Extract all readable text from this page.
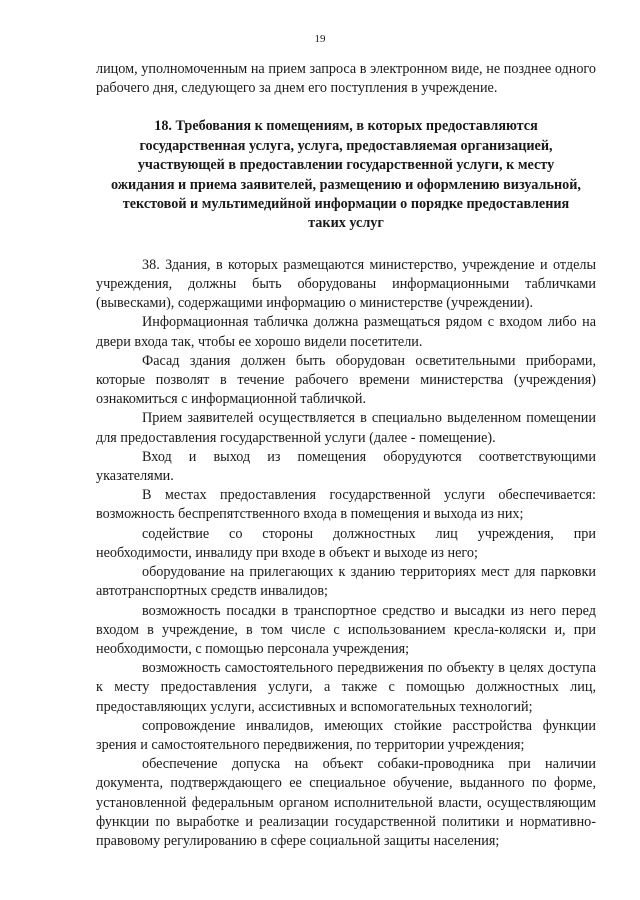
19

лицом, уполномоченным на прием запроса в электронном виде, не позднее одного рабочего дня, следующего за днем его поступления в учреждение.

18. Требования к помещениям, в которых предоставляются государственная услуга, услуга, предоставляемая организацией, участвующей в предоставлении государственной услуги, к месту ожидания и приема заявителей, размещению и оформлению визуальной, текстовой и мультимедийной информации о порядке предоставления таких услуг

38. Здания, в которых размещаются министерство, учреждение и отделы учреждения, должны быть оборудованы информационными табличками (вывесками), содержащими информацию о министерстве (учреждении).

Информационная табличка должна размещаться рядом с входом либо на двери входа так, чтобы ее хорошо видели посетители.

Фасад здания должен быть оборудован осветительными приборами, которые позволят в течение рабочего времени министерства (учреждения) ознакомиться с информационной табличкой.

Прием заявителей осуществляется в специально выделенном помещении для предоставления государственной услуги (далее - помещение).

Вход и выход из помещения оборудуются соответствующими указателями.

В местах предоставления государственной услуги обеспечивается: возможность беспрепятственного входа в помещения и выхода из них;

содействие со стороны должностных лиц учреждения, при необходимости, инвалиду при входе в объект и выходе из него;

оборудование на прилегающих к зданию территориях мест для парковки автотранспортных средств инвалидов;

возможность посадки в транспортное средство и высадки из него перед входом в учреждение, в том числе с использованием кресла-коляски и, при необходимости, с помощью персонала учреждения;

возможность самостоятельного передвижения по объекту в целях доступа к месту предоставления услуги, а также с помощью должностных лиц, предоставляющих услуги, ассистивных и вспомогательных технологий;

сопровождение инвалидов, имеющих стойкие расстройства функции зрения и самостоятельного передвижения, по территории учреждения;

обеспечение допуска на объект собаки-проводника при наличии документа, подтверждающего ее специальное обучение, выданного по форме, установленной федеральным органом исполнительной власти, осуществляющим функции по выработке и реализации государственной политики и нормативно-правовому регулированию в сфере социальной защиты населения;
